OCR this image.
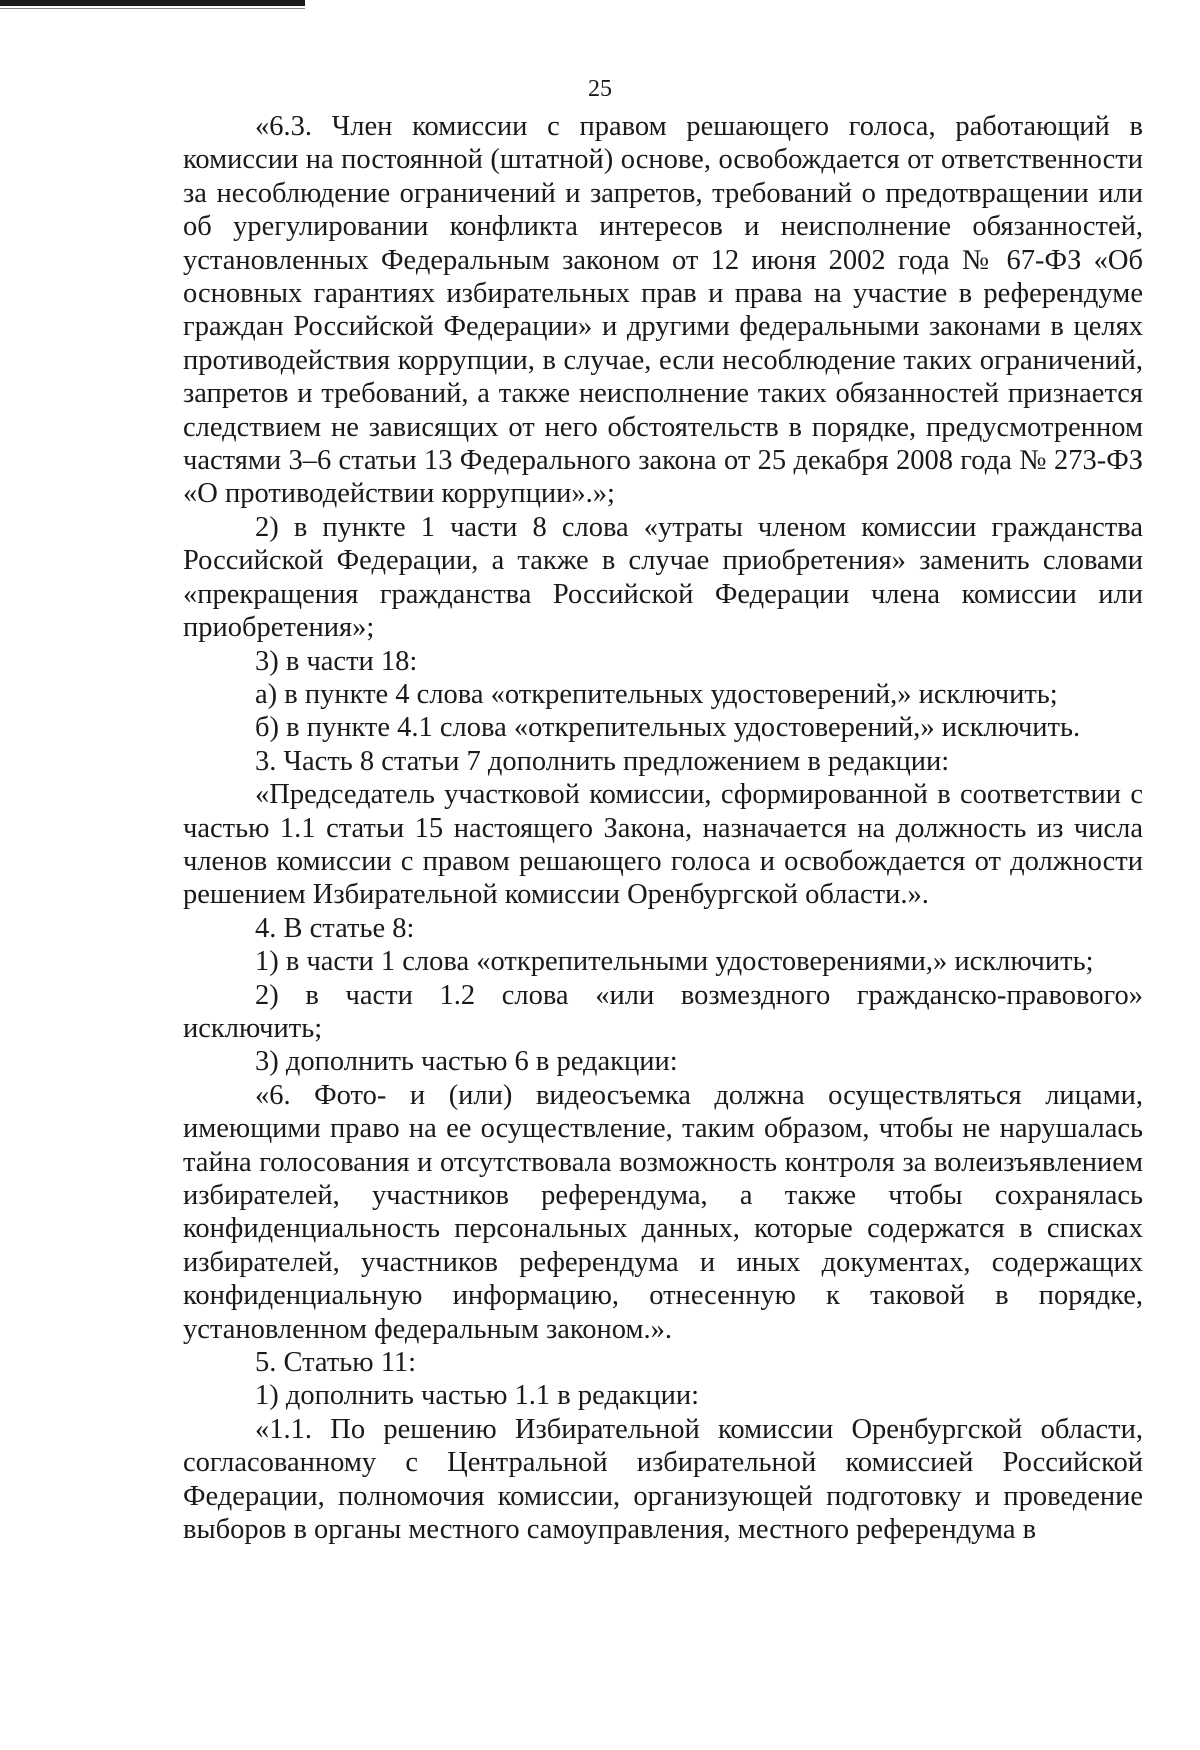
25

«6.3. Член комиссии с правом решающего голоса, работающий в комиссии на постоянной (штатной) основе, освобождается от ответственности за несоблюдение ограничений и запретов, требований о предотвращении или об урегулировании конфликта интересов и неисполнение обязанностей, установленных Федеральным законом от 12 июня 2002 года № 67-ФЗ «Об основных гарантиях избирательных прав и права на участие в референдуме граждан Российской Федерации» и другими федеральными законами в целях противодействия коррупции, в случае, если несоблюдение таких ограничений, запретов и требований, а также неисполнение таких обязанностей признается следствием не зависящих от него обстоятельств в порядке, предусмотренном частями 3–6 статьи 13 Федерального закона от 25 декабря 2008 года № 273-ФЗ «О противодействии коррупции».»;

2) в пункте 1 части 8 слова «утраты членом комиссии гражданства Российской Федерации, а также в случае приобретения» заменить словами «прекращения гражданства Российской Федерации члена комиссии или приобретения»;

3) в части 18:

а) в пункте 4 слова «открепительных удостоверений,» исключить;

б) в пункте 4.1 слова «открепительных удостоверений,» исключить.

3. Часть 8 статьи 7 дополнить предложением в редакции:

«Председатель участковой комиссии, сформированной в соответствии с частью 1.1 статьи 15 настоящего Закона, назначается на должность из числа членов комиссии с правом решающего голоса и освобождается от должности решением Избирательной комиссии Оренбургской области.».

4. В статье 8:

1) в части 1 слова «открепительными удостоверениями,» исключить;

2) в части 1.2 слова «или возмездного гражданско-правового» исключить;

3) дополнить частью 6 в редакции:

«6. Фото- и (или) видеосъемка должна осуществляться лицами, имеющими право на ее осуществление, таким образом, чтобы не нарушалась тайна голосования и отсутствовала возможность контроля за волеизъявлением избирателей, участников референдума, а также чтобы сохранялась конфиденциальность персональных данных, которые содержатся в списках избирателей, участников референдума и иных документах, содержащих конфиденциальную информацию, отнесенную к таковой в порядке, установленном федеральным законом.».

5. Статью 11:

1) дополнить частью 1.1 в редакции:

«1.1. По решению Избирательной комиссии Оренбургской области, согласованному с Центральной избирательной комиссией Российской Федерации, полномочия комиссии, организующей подготовку и проведение выборов в органы местного самоуправления, местного референдума в
